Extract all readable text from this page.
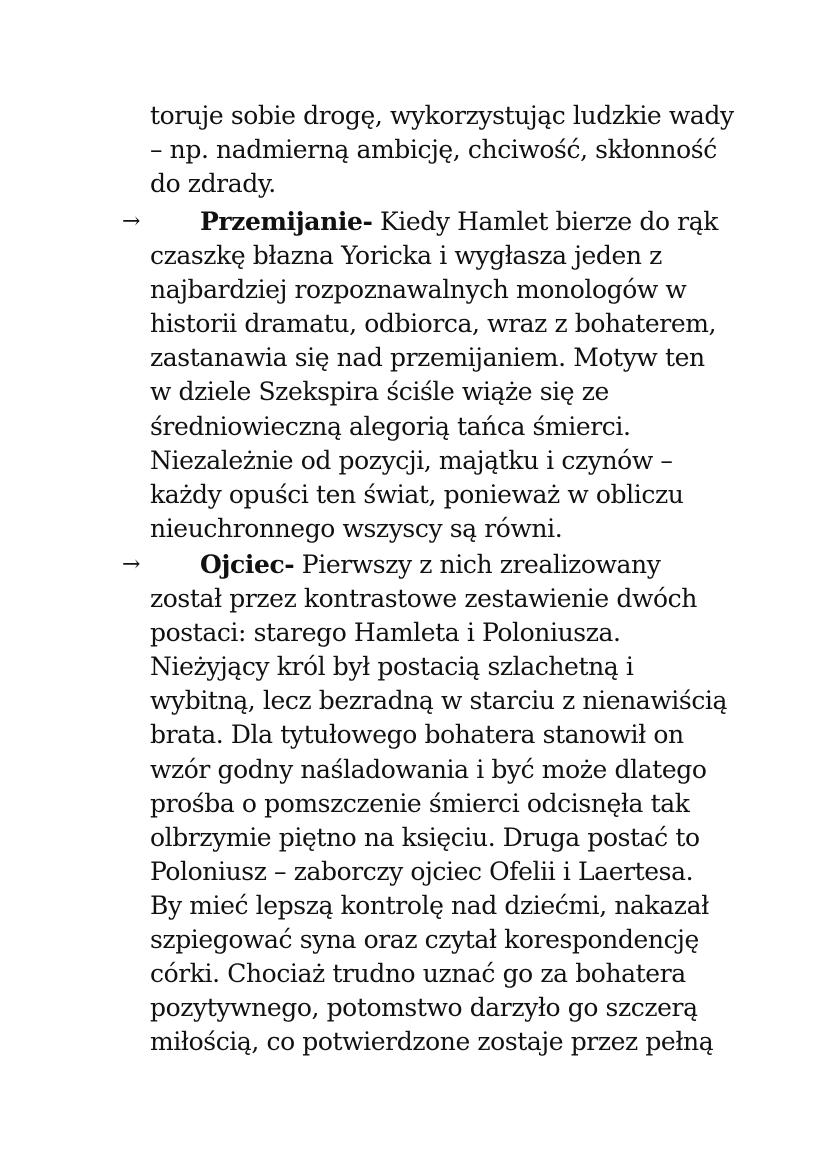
toruje sobie drogę, wykorzystując ludzkie wady
– np. nadmierną ambicję, chciwość, skłonność
do zdrady.
→	Przemijanie- Kiedy Hamlet bierze do rąk
czaszkę błazna Yoricka i wygłasza jeden z
najbardziej rozpoznawalnych monologów w
historii dramatu, odbiorca, wraz z bohaterem,
zastanawia się nad przemijaniem. Motyw ten
w dziele Szekspira ściśle wiąże się ze
średniowieczną alegorią tańca śmierci.
Niezależnie od pozycji, majątku i czynów –
każdy opuści ten świat, ponieważ w obliczu
nieuchronnego wszyscy są równi.
→	Ojciec- Pierwszy z nich zrealizowany
został przez kontrastowe zestawienie dwóch
postaci: starego Hamleta i Poloniusza.
Nieżyjący król był postacią szlachetną i
wybitną, lecz bezradną w starciu z nienawiścią
brata. Dla tytułowego bohatera stanowił on
wzór godny naśladowania i być może dlatego
prośba o pomszczenie śmierci odcisnęła tak
olbrzymie piętno na księciu. Druga postać to
Poloniusz – zaborczy ojciec Ofelii i Laertesa.
By mieć lepszą kontrolę nad dziećmi, nakazał
szpiegować syna oraz czytał korespondencję
córki. Chociaż trudno uznać go za bohatera
pozytywnego, potomstwo darzyło go szczerą
miłością, co potwierdzone zostaje przez pełną
